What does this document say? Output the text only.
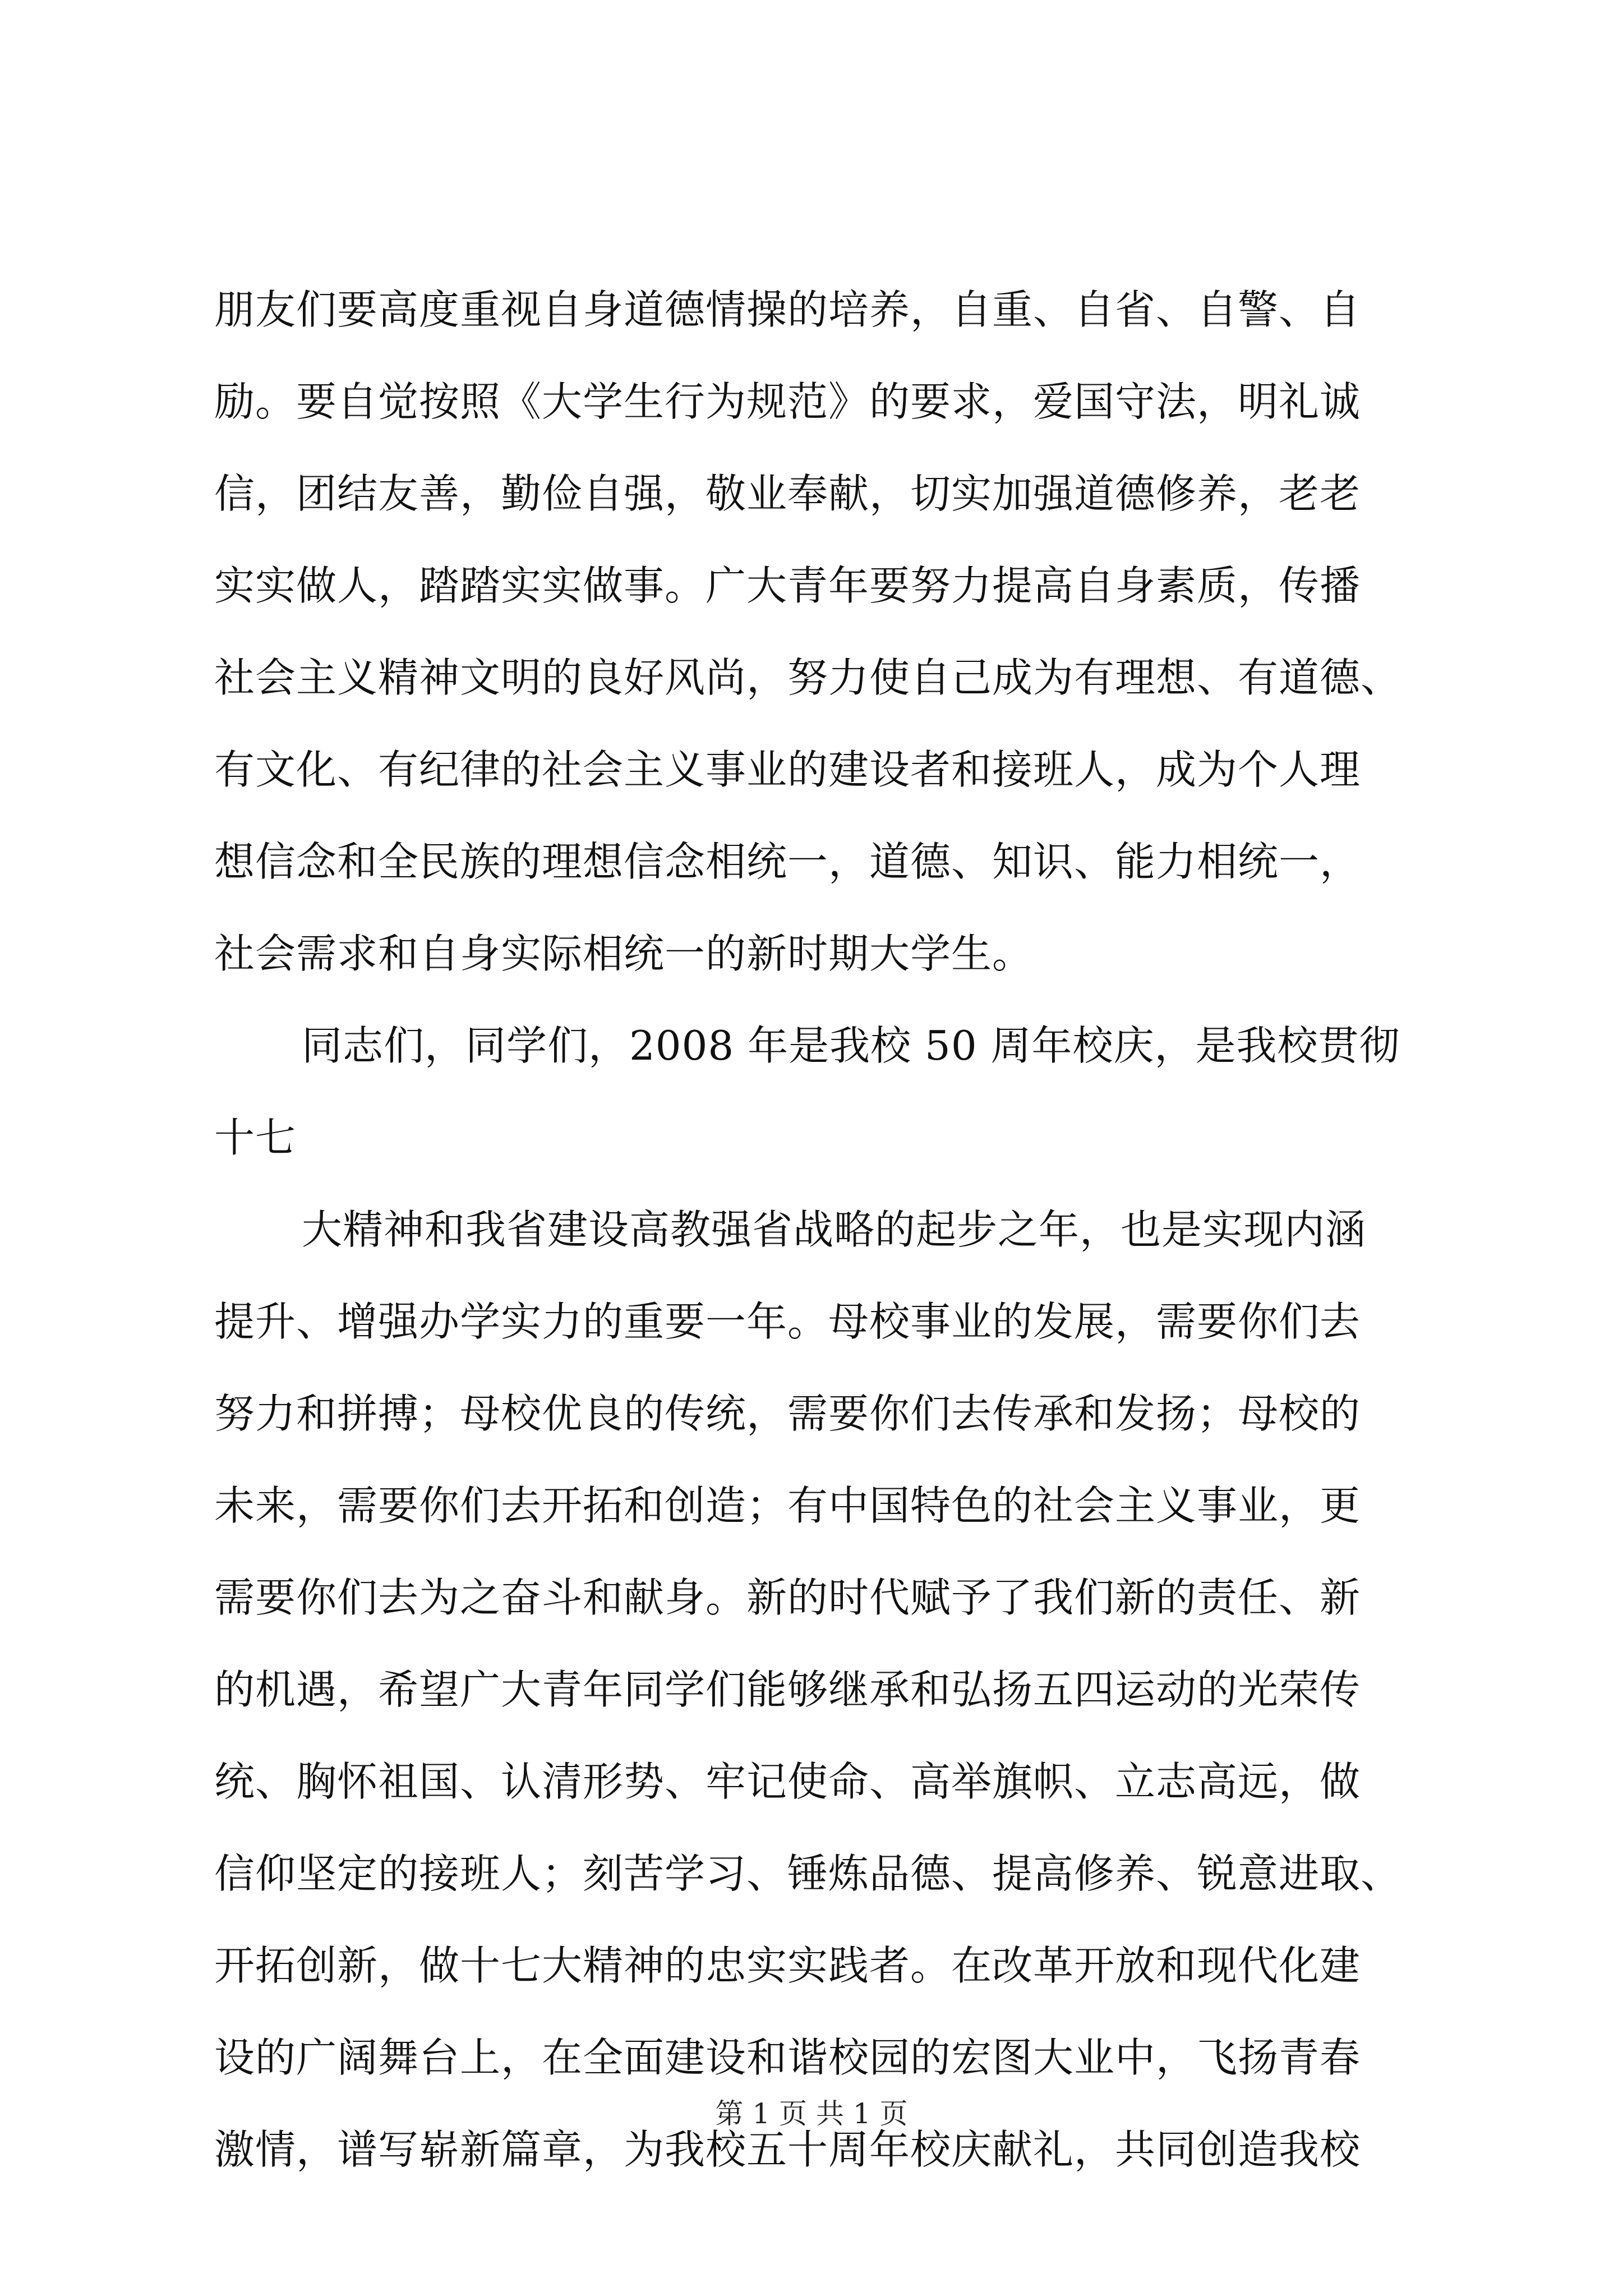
朋友们要高度重视自身道德情操的培养，自重、自省、自警、自
励。要自觉按照《大学生行为规范》的要求，爱国守法，明礼诚
信，团结友善，勤俭自强，敬业奉献，切实加强道德修养，老老
实实做人，踏踏实实做事。广大青年要努力提高自身素质，传播
社会主义精神文明的良好风尚，努力使自己成为有理想、有道德、
有文化、有纪律的社会主义事业的建设者和接班人，成为个人理
想信念和全民族的理想信念相统一，道德、知识、能力相统一，
社会需求和自身实际相统一的新时期大学生。
同志们，同学们，2008 年是我校 50 周年校庆，是我校贯彻
十七
大精神和我省建设高教强省战略的起步之年，也是实现内涵
提升、增强办学实力的重要一年。母校事业的发展，需要你们去
努力和拼搏；母校优良的传统，需要你们去传承和发扬；母校的
未来，需要你们去开拓和创造；有中国特色的社会主义事业，更
需要你们去为之奋斗和献身。新的时代赋予了我们新的责任、新
的机遇，希望广大青年同学们能够继承和弘扬五四运动的光荣传
统、胸怀祖国、认清形势、牢记使命、高举旗帜、立志高远，做
信仰坚定的接班人；刻苦学习、锤炼品德、提高修养、锐意进取、
开拓创新，做十七大精神的忠实实践者。在改革开放和现代化建
设的广阔舞台上，在全面建设和谐校园的宏图大业中，飞扬青春
激情，谱写崭新篇章，为我校五十周年校庆献礼，共同创造我校
第 1 页 共 1 页
